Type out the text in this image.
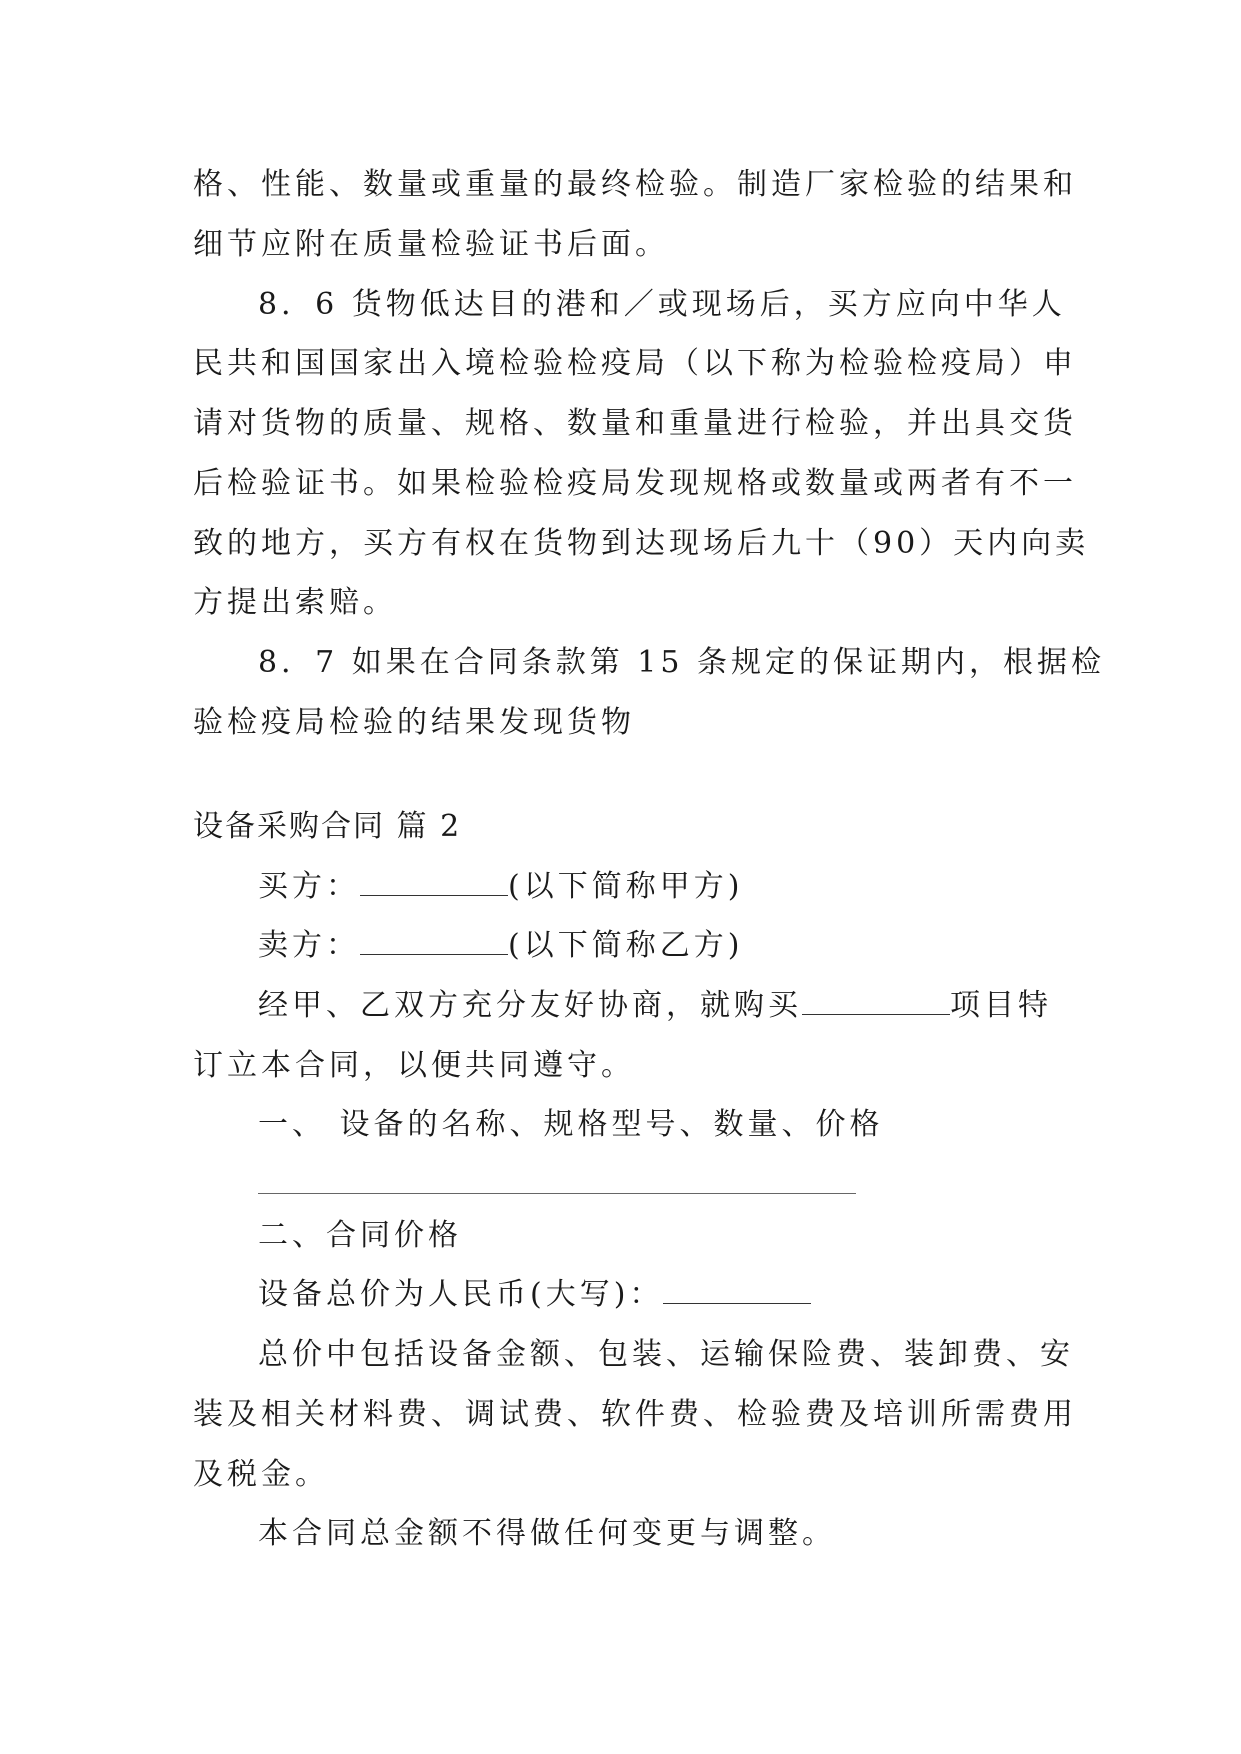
格、性能、数量或重量的最终检验。制造厂家检验的结果和
细节应附在质量检验证书后面。
8．6 货物低达目的港和／或现场后，买方应向中华人
民共和国国家出入境检验检疫局（以下称为检验检疫局）申
请对货物的质量、规格、数量和重量进行检验，并出具交货
后检验证书。如果检验检疫局发现规格或数量或两者有不一
致的地方，买方有权在货物到达现场后九十（90）天内向卖
方提出索赔。
8．7 如果在合同条款第 15 条规定的保证期内，根据检
验检疫局检验的结果发现货物
设备采购合同 篇 2
买方：	(以下简称甲方)
卖方：	(以下简称乙方)
经甲、乙双方充分友好协商，就购买	项目特
订立本合同，以便共同遵守。
一、 设备的名称、规格型号、数量、价格
二、合同价格
设备总价为人民币(大写)：
总价中包括设备金额、包装、运输保险费、装卸费、安
装及相关材料费、调试费、软件费、检验费及培训所需费用
及税金。
本合同总金额不得做任何变更与调整。
